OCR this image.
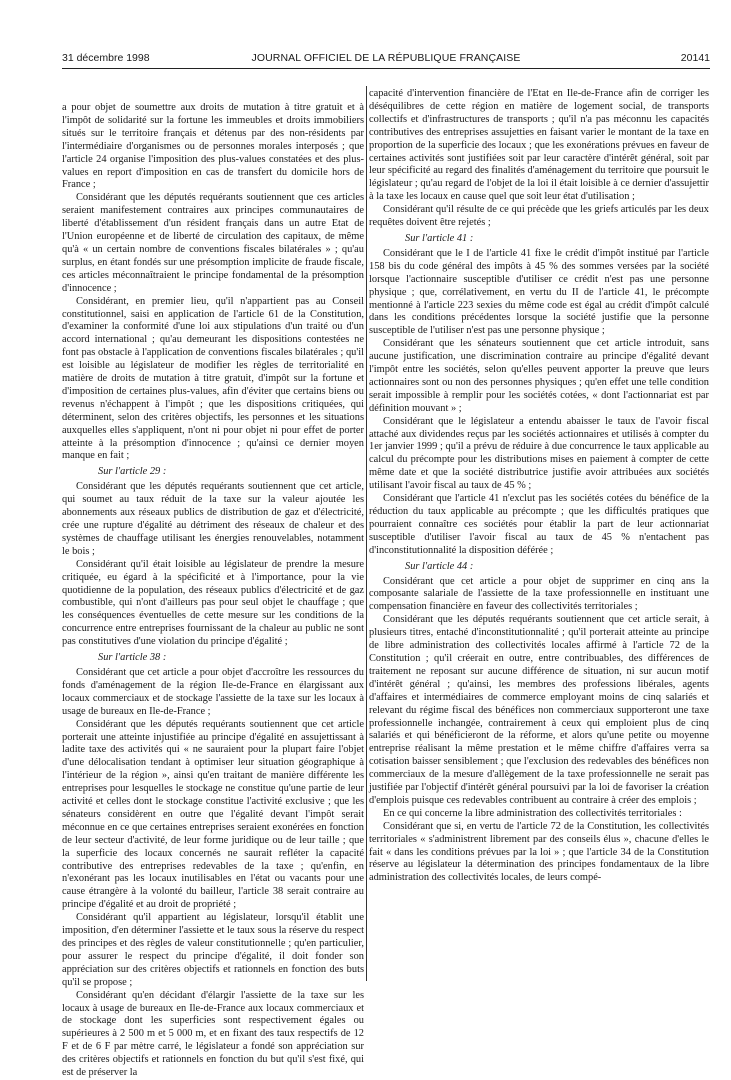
31 décembre 1998	JOURNAL OFFICIEL DE LA RÉPUBLIQUE FRANÇAISE	20141

a pour objet de soumettre aux droits de mutation à titre gratuit et à l'impôt de solidarité sur la fortune les immeubles et droits immobiliers situés sur le territoire français et détenus par des non-résidents par l'intermédiaire d'organismes ou de personnes morales interposés ; que l'article 24 organise l'imposition des plus-values constatées et des plus-values en report d'imposition en cas de transfert du domicile hors de France ;

Considérant que les députés requérants soutiennent que ces articles seraient manifestement contraires aux principes communautaires de liberté d'établissement d'un résident français dans un autre Etat de l'Union européenne et de liberté de circulation des capitaux, de même qu'à « un certain nombre de conventions fiscales bilatérales » ; qu'au surplus, en étant fondés sur une présomption implicite de fraude fiscale, ces articles méconnaîtraient le principe fondamental de la présomption d'innocence ;

Considérant, en premier lieu, qu'il n'appartient pas au Conseil constitutionnel, saisi en application de l'article 61 de la Constitution, d'examiner la conformité d'une loi aux stipulations d'un traité ou d'un accord international ; qu'au demeurant les dispositions contestées ne font pas obstacle à l'application de conventions fiscales bilatérales ; qu'il est loisible au législateur de modifier les règles de territorialité en matière de droits de mutation à titre gratuit, d'impôt sur la fortune et d'imposition de certaines plus-values, afin d'éviter que certains biens ou revenus n'échappent à l'impôt ; que les dispositions critiquées, qui déterminent, selon des critères objectifs, les personnes et les situations auxquelles elles s'appliquent, n'ont ni pour objet ni pour effet de porter atteinte à la présomption d'innocence ; qu'ainsi ce dernier moyen manque en fait ;

Sur l'article 29 :

Considérant que les députés requérants soutiennent que cet article, qui soumet au taux réduit de la taxe sur la valeur ajoutée les abonnements aux réseaux publics de distribution de gaz et d'électricité, crée une rupture d'égalité au détriment des réseaux de chaleur et des systèmes de chauffage utilisant les énergies renouvelables, notamment le bois ;

Considérant qu'il était loisible au législateur de prendre la mesure critiquée, eu égard à la spécificité et à l'importance, pour la vie quotidienne de la population, des réseaux publics d'électricité et de gaz combustible, qui n'ont d'ailleurs pas pour seul objet le chauffage ; que les conséquences éventuelles de cette mesure sur les conditions de la concurrence entre entreprises fournissant de la chaleur au public ne sont pas constitutives d'une violation du principe d'égalité ;

Sur l'article 38 :

Considérant que cet article a pour objet d'accroître les ressources du fonds d'aménagement de la région Ile-de-France en élargissant aux locaux commerciaux et de stockage l'assiette de la taxe sur les locaux à usage de bureaux en Ile-de-France ;

Considérant que les députés requérants soutiennent que cet article porterait une atteinte injustifiée au principe d'égalité en assujettissant à ladite taxe des activités qui « ne sauraient pour la plupart faire l'objet d'une délocalisation tendant à optimiser leur situation géographique à l'intérieur de la région », ainsi qu'en traitant de manière différente les entreprises pour lesquelles le stockage ne constitue qu'une partie de leur activité et celles dont le stockage constitue l'activité exclusive ; que les sénateurs considèrent en outre que l'égalité devant l'impôt serait méconnue en ce que certaines entreprises seraient exonérées en fonction de leur secteur d'activité, de leur forme juridique ou de leur taille ; que la superficie des locaux concernés ne saurait refléter la capacité contributive des entreprises redevables de la taxe ; qu'enfin, en n'exonérant pas les locaux inutilisables en l'état ou vacants pour une cause étrangère à la volonté du bailleur, l'article 38 serait contraire au principe d'égalité et au droit de propriété ;

Considérant qu'il appartient au législateur, lorsqu'il établit une imposition, d'en déterminer l'assiette et le taux sous la réserve du respect des principes et des règles de valeur constitutionnelle ; qu'en particulier, pour assurer le respect du principe d'égalité, il doit fonder son appréciation sur des critères objectifs et rationnels en fonction des buts qu'il se propose ;

Considérant qu'en décidant d'élargir l'assiette de la taxe sur les locaux à usage de bureaux en Ile-de-France aux locaux commerciaux et de stockage dont les superficies sont respectivement égales ou supérieures à 2 500 m et 5 000 m, et en fixant des taux respectifs de 12 F et de 6 F par mètre carré, le législateur a fondé son appréciation sur des critères objectifs et rationnels en fonction du but qu'il s'est fixé, qui est de préserver la

capacité d'intervention financière de l'Etat en Ile-de-France afin de corriger les déséquilibres de cette région en matière de logement social, de transports collectifs et d'infrastructures de transports ; qu'il n'a pas méconnu les capacités contributives des entreprises assujetties en faisant varier le montant de la taxe en proportion de la superficie des locaux ; que les exonérations prévues en faveur de certaines activités sont justifiées soit par leur caractère d'intérêt général, soit par leur spécificité au regard des finalités d'aménagement du territoire que poursuit le législateur ; qu'au regard de l'objet de la loi il était loisible à ce dernier d'assujettir à la taxe les locaux en cause quel que soit leur état d'utilisation ;

Considérant qu'il résulte de ce qui précède que les griefs articulés par les deux requêtes doivent être rejetés ;

Sur l'article 41 :

Considérant que le I de l'article 41 fixe le crédit d'impôt institué par l'article 158 bis du code général des impôts à 45 % des sommes versées par la société lorsque l'actionnaire susceptible d'utiliser ce crédit n'est pas une personne physique ; que, corrélativement, en vertu du II de l'article 41, le précompte mentionné à l'article 223 sexies du même code est égal au crédit d'impôt calculé dans les conditions précédentes lorsque la société justifie que la personne susceptible de l'utiliser n'est pas une personne physique ;

Considérant que les sénateurs soutiennent que cet article introduit, sans aucune justification, une discrimination contraire au principe d'égalité devant l'impôt entre les sociétés, selon qu'elles peuvent apporter la preuve que leurs actionnaires sont ou non des personnes physiques ; qu'en effet une telle condition serait impossible à remplir pour les sociétés cotées, « dont l'actionnariat est par définition mouvant » ;

Considérant que le législateur a entendu abaisser le taux de l'avoir fiscal attaché aux dividendes reçus par les sociétés actionnaires et utilisés à compter du 1er janvier 1999 ; qu'il a prévu de réduire à due concurrence le taux applicable au calcul du précompte pour les distributions mises en paiement à compter de cette même date et que la société distributrice justifie avoir attribuées aux sociétés utilisant l'avoir fiscal au taux de 45 % ;

Considérant que l'article 41 n'exclut pas les sociétés cotées du bénéfice de la réduction du taux applicable au précompte ; que les difficultés pratiques que pourraient connaître ces sociétés pour établir la part de leur actionnariat susceptible d'utiliser l'avoir fiscal au taux de 45 % n'entachent pas d'inconstitutionnalité la disposition déférée ;

Sur l'article 44 :

Considérant que cet article a pour objet de supprimer en cinq ans la composante salariale de l'assiette de la taxe professionnelle en instituant une compensation financière en faveur des collectivités territoriales ;

Considérant que les députés requérants soutiennent que cet article serait, à plusieurs titres, entaché d'inconstitutionnalité ; qu'il porterait atteinte au principe de libre administration des collectivités locales affirmé à l'article 72 de la Constitution ; qu'il créerait en outre, entre contribuables, des différences de traitement ne reposant sur aucune différence de situation, ni sur aucun motif d'intérêt général ; qu'ainsi, les membres des professions libérales, agents d'affaires et intermédiaires de commerce employant moins de cinq salariés et relevant du régime fiscal des bénéfices non commerciaux supporteront une taxe professionnelle inchangée, contrairement à ceux qui emploient plus de cinq salariés et qui bénéficieront de la réforme, et alors qu'une petite ou moyenne entreprise réalisant la même prestation et le même chiffre d'affaires verra sa cotisation baisser sensiblement ; que l'exclusion des redevables des bénéfices non commerciaux de la mesure d'allègement de la taxe professionnelle ne serait pas justifiée par l'objectif d'intérêt général poursuivi par la loi de favoriser la création d'emplois puisque ces redevables contribuent au contraire à créer des emplois ;

En ce qui concerne la libre administration des collectivités territoriales :

Considérant que si, en vertu de l'article 72 de la Constitution, les collectivités territoriales « s'administrent librement par des conseils élus », chacune d'elles le fait « dans les conditions prévues par la loi » ; que l'article 34 de la Constitution réserve au législateur la détermination des principes fondamentaux de la libre administration des collectivités locales, de leurs compé-
